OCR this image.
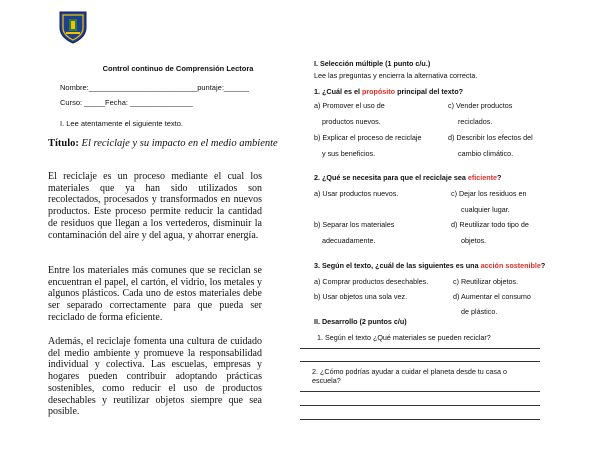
Control continuo de Comprensión Lectora
Nombre:__________________________puntaje:______
Curso: _____Fecha: _______________
I. Lee atentamente el siguiente texto.
Título: El reciclaje y su impacto en el medio ambiente
El reciclaje es un proceso mediante el cual los materiales que ya han sido utilizados son recolectados, procesados y transformados en nuevos productos. Este proceso permite reducir la cantidad de residuos que llegan a los vertederos, disminuir la contaminación del aire y del agua, y ahorrar energía.
Entre los materiales más comunes que se reciclan se encuentran el papel, el cartón, el vidrio, los metales y algunos plásticos. Cada uno de estos materiales debe ser separado correctamente para que pueda ser reciclado de forma eficiente.
Además, el reciclaje fomenta una cultura de cuidado del medio ambiente y promueve la responsabilidad individual y colectiva. Las escuelas, empresas y hogares pueden contribuir adoptando prácticas sostenibles, como reducir el uso de productos desechables y reutilizar objetos siempre que sea posible.
I. Selección múltiple (1 punto c/u.)
Lee las preguntas y encierra la alternativa correcta.
1. ¿Cuál es el propósito principal del texto?
a) Promover el uso de
productos nuevos.
b) Explicar el proceso de reciclaje
y sus beneficios.
c) Vender productos
reciclados.
d) Describir los efectos del
cambio climático.
2. ¿Qué se necesita para que el reciclaje sea eficiente?
a) Usar productos nuevos.
b) Separar los materiales
adecuadamente.
c) Dejar los residuos en
cualquier lugar.
d) Reutilizar todo tipo de
objetos.
3. Según el texto, ¿cuál de las siguientes es una acción sostenible?
a) Comprar productos desechables.
b) Usar objetos una sola vez.
c) Reutilizar objetos.
d) Aumentar el consumo
de plástico.
II. Desarrollo (2 puntos c/u)
1. Según el texto ¿Qué materiales se pueden reciclar?
2. ¿Cómo podrías ayudar a cuidar el planeta desde tu casa o escuela?
